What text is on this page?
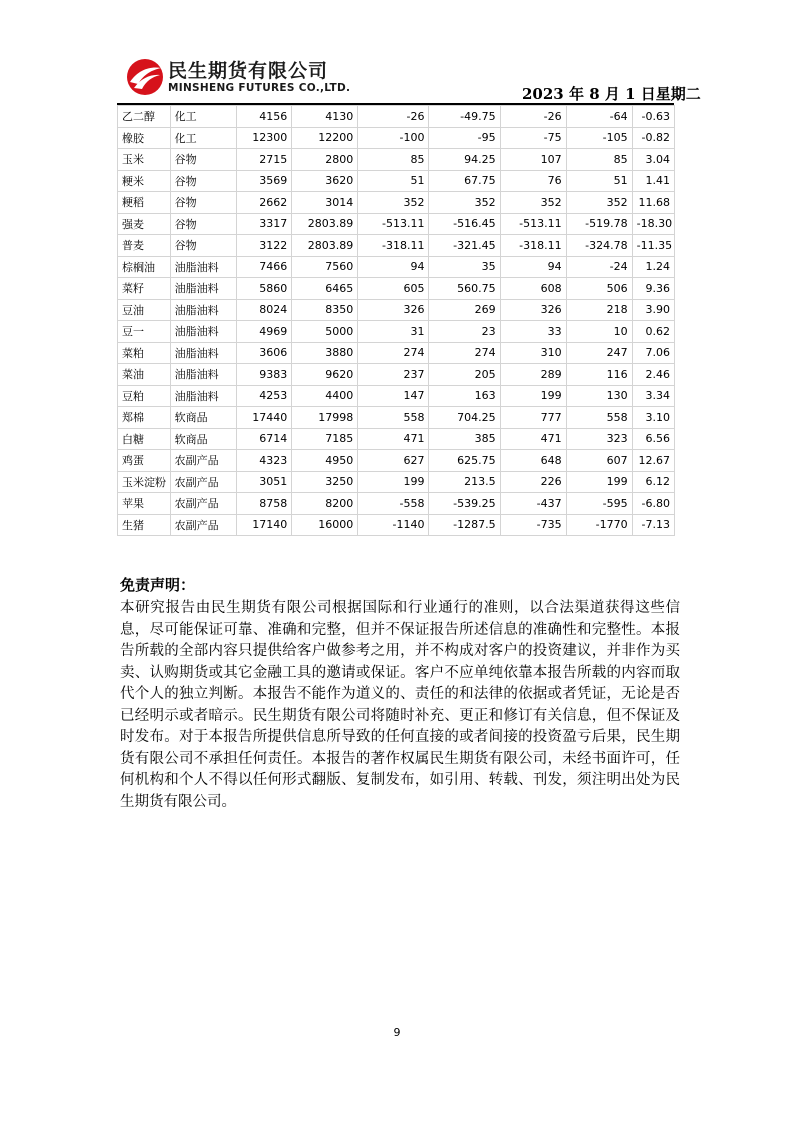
民生期货有限公司
MINSHENG FUTURES CO.,LTD.	2023 年 8 月 1 日星期二
乙二醇	化工	4156	4130	-26	-49.75	-26	-64	-0.63
橡胶	化工	12300	12200	-100	-95	-75	-105	-0.82
玉米	谷物	2715	2800	85	94.25	107	85	3.04
粳米	谷物	3569	3620	51	67.75	76	51	1.41
粳稻	谷物	2662	3014	352	352	352	352	11.68
强麦	谷物	3317	2803.89	-513.11	-516.45	-513.11	-519.78	-18.30
普麦	谷物	3122	2803.89	-318.11	-321.45	-318.11	-324.78	-11.35
棕榈油	油脂油料	7466	7560	94	35	94	-24	1.24
菜籽	油脂油料	5860	6465	605	560.75	608	506	9.36
豆油	油脂油料	8024	8350	326	269	326	218	3.90
豆一	油脂油料	4969	5000	31	23	33	10	0.62
菜粕	油脂油料	3606	3880	274	274	310	247	7.06
菜油	油脂油料	9383	9620	237	205	289	116	2.46
豆粕	油脂油料	4253	4400	147	163	199	130	3.34
郑棉	软商品	17440	17998	558	704.25	777	558	3.10
白糖	软商品	6714	7185	471	385	471	323	6.56
鸡蛋	农副产品	4323	4950	627	625.75	648	607	12.67
玉米淀粉	农副产品	3051	3250	199	213.5	226	199	6.12
苹果	农副产品	8758	8200	-558	-539.25	-437	-595	-6.80
生猪	农副产品	17140	16000	-1140	-1287.5	-735	-1770	-7.13
免责声明：

本研究报告由民生期货有限公司根据国际和行业通行的准则，以合法渠道获得这些信息，尽可能保证可靠、准确和完整，但并不保证报告所述信息的准确性和完整性。本报告所载的全部内容只提供给客户做参考之用，并不构成对客户的投资建议，并非作为买卖、认购期货或其它金融工具的邀请或保证。客户不应单纯依靠本报告所载的内容而取代个人的独立判断。本报告不能作为道义的、责任的和法律的依据或者凭证，无论是否已经明示或者暗示。民生期货有限公司将随时补充、更正和修订有关信息，但不保证及时发布。对于本报告所提供信息所导致的任何直接的或者间接的投资盈亏后果，民生期货有限公司不承担任何责任。本报告的著作权属民生期货有限公司，未经书面许可，任何机构和个人不得以任何形式翻版、复制发布，如引用、转载、刊发，须注明出处为民生期货有限公司。

9
